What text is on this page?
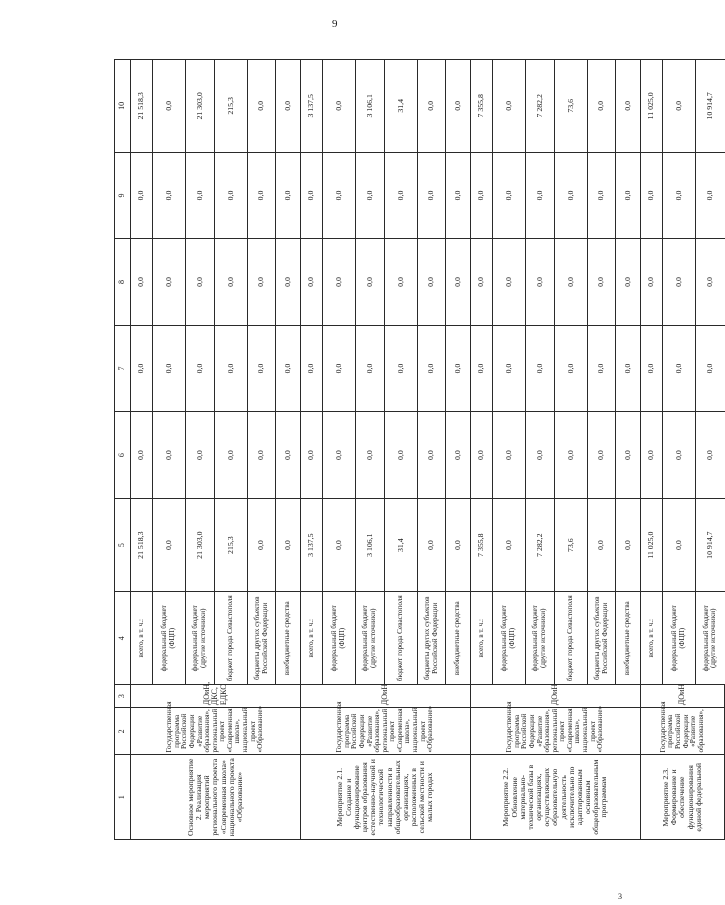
9
1	2	3	4	5	6	7	8	9	10
Основное мероприятие 2. Реализация мероприятий регионального проекта «Современная школа» национального проекта «Образование»	Государственная программа Российской Федерации «Развитие образования», региональный проект «Современная школа», национальный проект «Образование»	ДОиН, ДКС, ЕДКС	всего, в т. ч.:	21 518,3	0,0	0,0	0,0	0,0	21 518,3
			федеральный бюджет (ФЦП)	0,0	0,0	0,0	0,0	0,0	0,0
			федеральный бюджет (другие источники)	21 303,0	0,0	0,0	0,0	0,0	21 303,0
			бюджет города Севастополя	215,3	0,0	0,0	0,0	0,0	215,3
			бюджеты других субъектов Российской Федерации	0,0	0,0	0,0	0,0	0,0	0,0
			внебюджетные средства	0,0	0,0	0,0	0,0	0,0	0,0
Мероприятие 2.1. Создание и функционирование центров образования естественно-научной и технологической направленности в общеобразовательных организациях, расположенных в сельской местности и малых городах	Государственная программа Российской Федерации «Развитие образования», региональный проект «Современная школа», национальный проект «Образование»	ДОиН	всего, в т. ч.:	3 137,5	0,0	0,0	0,0	0,0	3 137,5
			федеральный бюджет (ФЦП)	0,0	0,0	0,0	0,0	0,0	0,0
			федеральный бюджет (другие источники)	3 106,1	0,0	0,0	0,0	0,0	3 106,1
			бюджет города Севастополя	31,4	0,0	0,0	0,0	0,0	31,4
			бюджеты других субъектов Российской Федерации	0,0	0,0	0,0	0,0	0,0	0,0
			внебюджетные средства	0,0	0,0	0,0	0,0	0,0	0,0
Мероприятие 2.2. Обновление материально-технической базы в организациях, осуществляющих образовательную деятельность исключительно по адаптированным основным общеобразовательным программам	Государственная программа Российской Федерации «Развитие образования», региональный проект «Современная школа», национальный проект «Образование»	ДОиН	всего, в т. ч.:	7 355,8	0,0	0,0	0,0	0,0	7 355,8
			федеральный бюджет (ФЦП)	0,0	0,0	0,0	0,0	0,0	0,0
			федеральный бюджет (другие источники)	7 282,2	0,0	0,0	0,0	0,0	7 282,2
			бюджет города Севастополя	73,6	0,0	0,0	0,0	0,0	73,6
			бюджеты других субъектов Российской Федерации	0,0	0,0	0,0	0,0	0,0	0,0
			внебюджетные средства	0,0	0,0	0,0	0,0	0,0	0,0
Мероприятие 2.3. Формирование и обеспечение функционирования единой федеральной	Государственная программа Российской Федерации «Развитие образования»,	ДОиН	всего, в т. ч.:	11 025,0	0,0	0,0	0,0	0,0	11 025,0
			федеральный бюджет (ФЦП)	0,0	0,0	0,0	0,0	0,0	0,0
			федеральный бюджет (другие источники)	10 914,7	0,0	0,0	0,0	0,0	10 914,7
3
